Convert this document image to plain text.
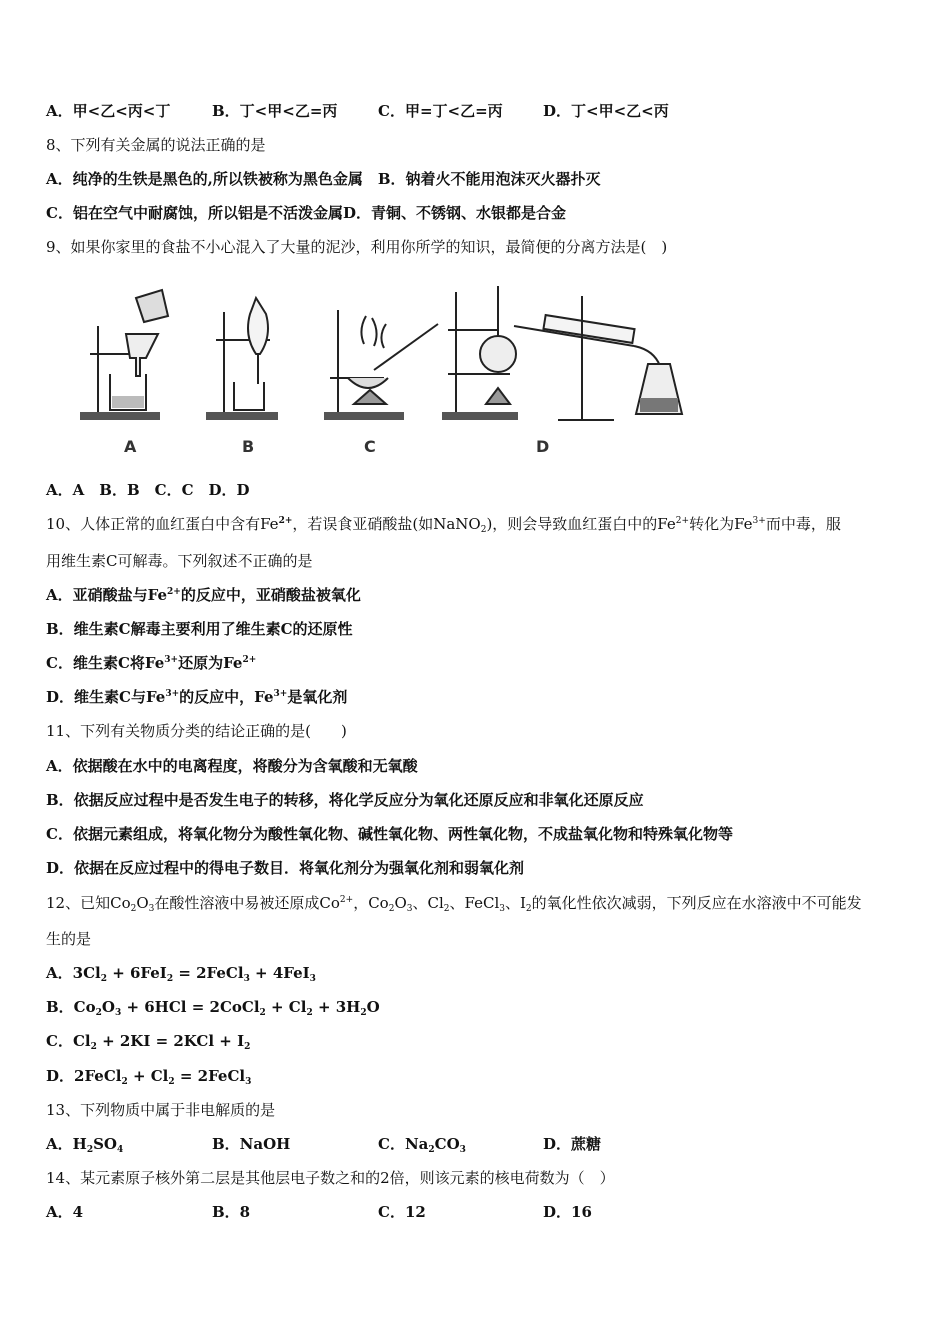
A．甲<乙<丙<丁	B．丁<甲<乙=丙	C．甲=丁<乙=丙	D．丁<甲<乙<丙
8、下列有关金属的说法正确的是
A．纯净的生铁是黑色的,所以铁被称为黑色金属　B．钠着火不能用泡沫灭火器扑灭
C．铝在空气中耐腐蚀，所以铝是不活泼金属D．青铜、不锈钢、水银都是合金
9、如果你家里的食盐不小心混入了大量的泥沙，利用你所学的知识，最简便的分离方法是(　)
A	B	C	D
A．A　B．B　C．C　D．D
10、人体正常的血红蛋白中含有$Fe^{2+}$，若误食亚硝酸盐(如NaNO$_2$)，则会导致血红蛋白中的$Fe^{2+}$转化为$Fe^{3+}$而中毒，服
用维生素C可解毒。下列叙述不正确的是
A．亚硝酸盐与$Fe^{2+}$的反应中，亚硝酸盐被氧化
B．维生素C解毒主要利用了维生素C的还原性
C．维生素C将$Fe^{3+}$还原为$Fe^{2+}$
D．维生素C与$Fe^{3+}$的反应中，$Fe^{3+}$是氧化剂
11、下列有关物质分类的结论正确的是(　　)
A．依据酸在水中的电离程度，将酸分为含氧酸和无氧酸
B．依据反应过程中是否发生电子的转移，将化学反应分为氧化还原反应和非氧化还原反应
C．依据元素组成，将氧化物分为酸性氧化物、碱性氧化物、两性氧化物，不成盐氧化物和特殊氧化物等
D．依据在反应过程中的得电子数目．将氧化剂分为强氧化剂和弱氧化剂
12、已知$Co_2O_3$在酸性溶液中易被还原成$Co^{2+}$，$Co_2O_3$、$Cl_2$、FeCl$_3$、$I_2$的氧化性依次减弱，下列反应在水溶液中不可能发
生的是
A．$3Cl_2 + 6FeI_2$ = 2FeCl$_3$ + 4FeI$_3$
B．$Co_2O_3 + 6HCl$ = 2CoCl$_2$ + $Cl_2 + 3H_2O$
C．$Cl_2 + 2KI = 2KCl + I_2$
D．2FeCl$_2$ + $Cl_2$ = 2FeCl$_3$
13、下列物质中属于非电解质的是
A．$H_2SO_4$	B．NaOH	C．$Na_2CO_3$	D．蔗糖
14、某元素原子核外第二层是其他层电子数之和的2倍，则该元素的核电荷数为（　）
A．4	B．8	C．12	D．16
